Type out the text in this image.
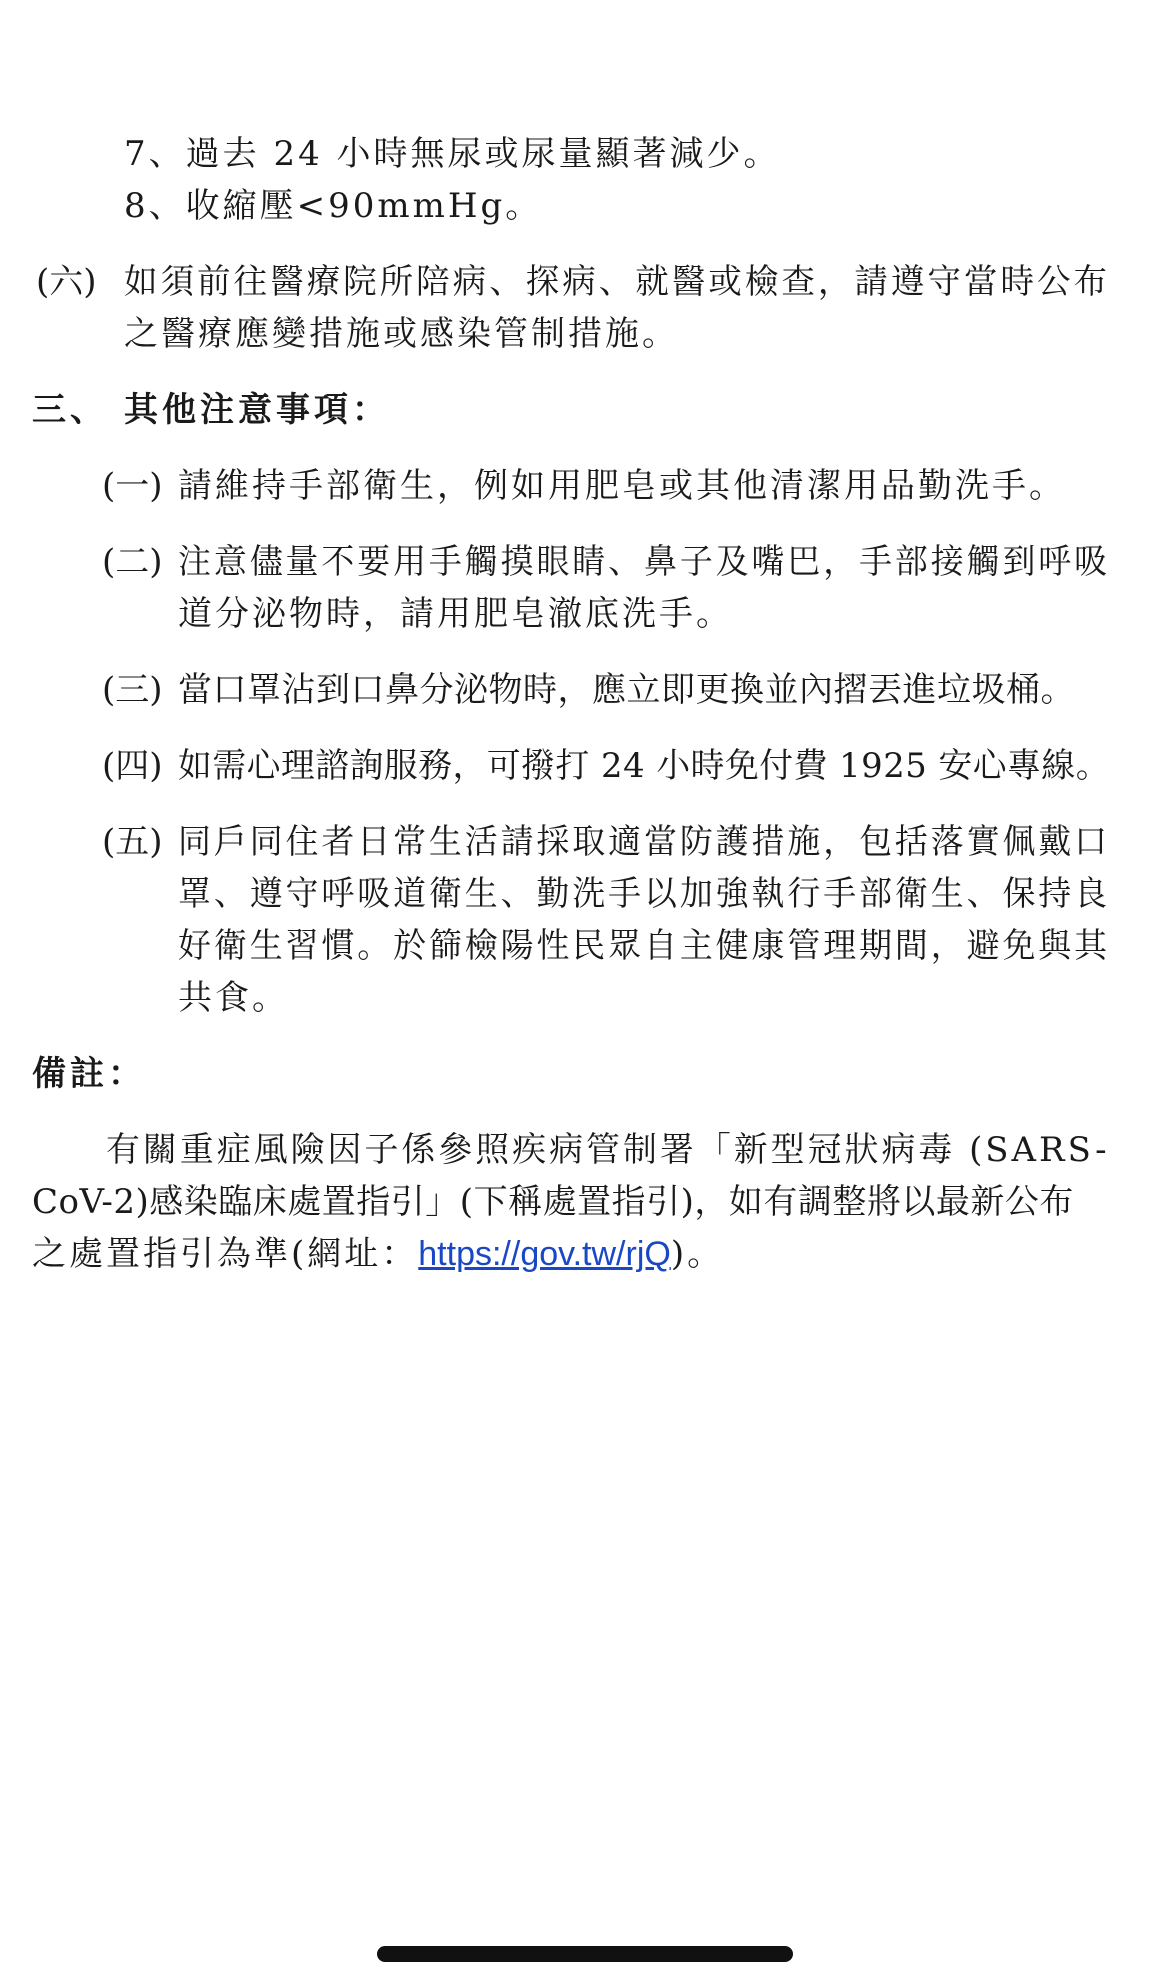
7、過去 24 小時無尿或尿量顯著減少。
8、收縮壓<90mmHg。
(六) 如須前往醫療院所陪病、探病、就醫或檢查，請遵守當時公布
之醫療應變措施或感染管制措施。
三、 其他注意事項：
(一) 請維持手部衛生，例如用肥皂或其他清潔用品勤洗手。
(二) 注意儘量不要用手觸摸眼睛、鼻子及嘴巴，手部接觸到呼吸
道分泌物時，請用肥皂澈底洗手。
(三) 當口罩沾到口鼻分泌物時，應立即更換並內摺丟進垃圾桶。
(四) 如需心理諮詢服務，可撥打 24 小時免付費 1925 安心專線。
(五) 同戶同住者日常生活請採取適當防護措施，包括落實佩戴口
罩、遵守呼吸道衛生、勤洗手以加強執行手部衛生、保持良
好衛生習慣。於篩檢陽性民眾自主健康管理期間，避免與其
共食。
備註：
有關重症風險因子係參照疾病管制署「新型冠狀病毒 (SARS-
CoV-2)感染臨床處置指引」(下稱處置指引)，如有調整將以最新公布
之處置指引為準(網址：https://gov.tw/rjQ)。
